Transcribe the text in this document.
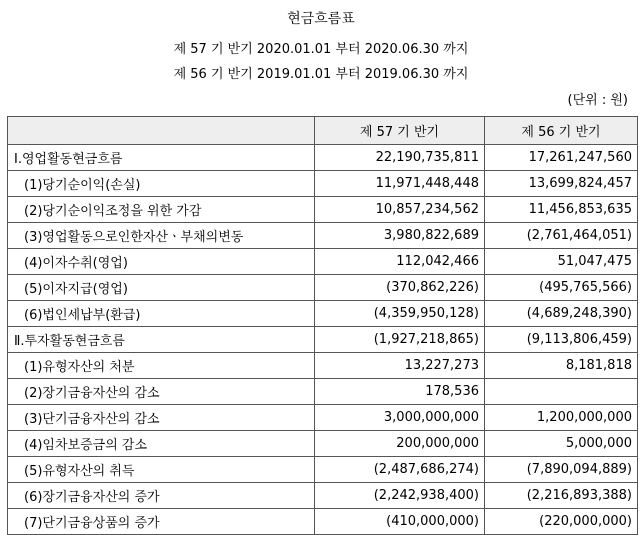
현금흐름표
제 57 기 반기 2020.01.01 부터 2020.06.30 까지
제 56 기 반기 2019.01.01 부터 2019.06.30 까지
(단위 : 원)
	제 57 기 반기	제 56 기 반기
Ⅰ.영업활동현금흐름	22,190,735,811	17,261,247,560
(1)당기순이익(손실)	11,971,448,448	13,699,824,457
(2)당기순이익조정을 위한 가감	10,857,234,562	11,456,853,635
(3)영업활동으로인한자산ㆍ부채의변동	3,980,822,689	(2,761,464,051)
(4)이자수취(영업)	112,042,466	51,047,475
(5)이자지급(영업)	(370,862,226)	(495,765,566)
(6)법인세납부(환급)	(4,359,950,128)	(4,689,248,390)
Ⅱ.투자활동현금흐름	(1,927,218,865)	(9,113,806,459)
(1)유형자산의 처분	13,227,273	8,181,818
(2)장기금융자산의 감소	178,536	
(3)단기금융자산의 감소	3,000,000,000	1,200,000,000
(4)임차보증금의 감소	200,000,000	5,000,000
(5)유형자산의 취득	(2,487,686,274)	(7,890,094,889)
(6)장기금융자산의 증가	(2,242,938,400)	(2,216,893,388)
(7)단기금융상품의 증가	(410,000,000)	(220,000,000)
